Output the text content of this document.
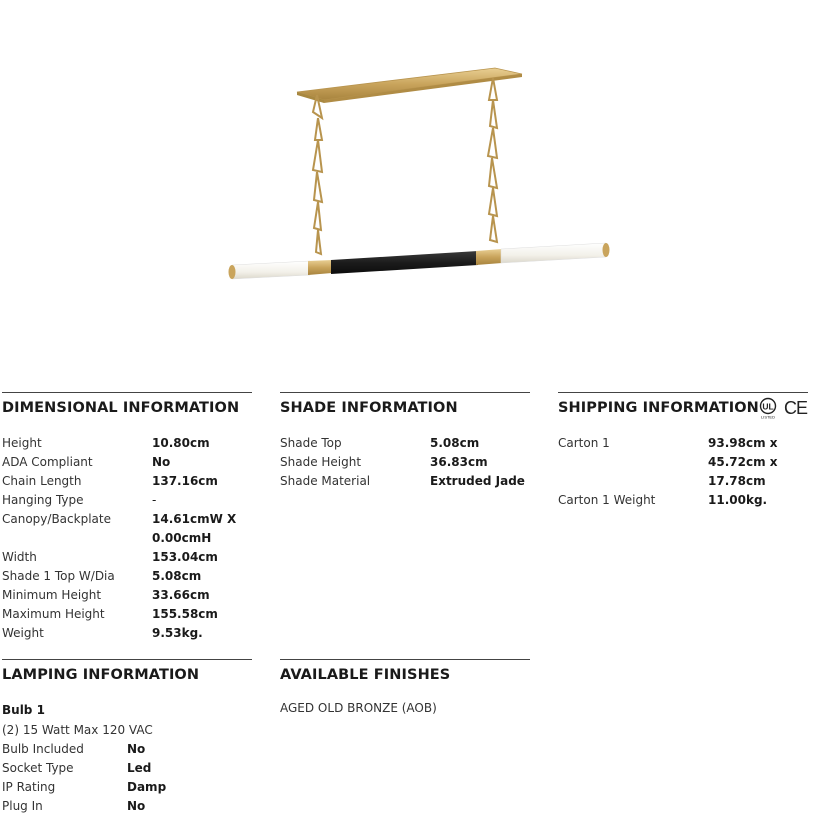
DIMENSIONAL INFORMATION
Height	10.80cm
ADA Compliant	No
Chain Length	137.16cm
Hanging Type	-
Canopy/Backplate	14.61cmW X 0.00cmH
Width	153.04cm
Shade 1 Top W/Dia	5.08cm
Minimum Height	33.66cm
Maximum Height	155.58cm
Weight	9.53kg.
SHADE INFORMATION
Shade Top	5.08cm
Shade Height	36.83cm
Shade Material	Extruded Jade
SHIPPING INFORMATION UL
LISTED CE
Carton 1	93.98cm x 45.72cm x 17.78cm
Carton 1 Weight	11.00kg.
LAMPING INFORMATION
Bulb 1
(2) 15 Watt Max 120 VAC
Bulb Included	No
Socket Type	Led
IP Rating	Damp
Plug In	No
AVAILABLE FINISHES
AGED OLD BRONZE (AOB)
